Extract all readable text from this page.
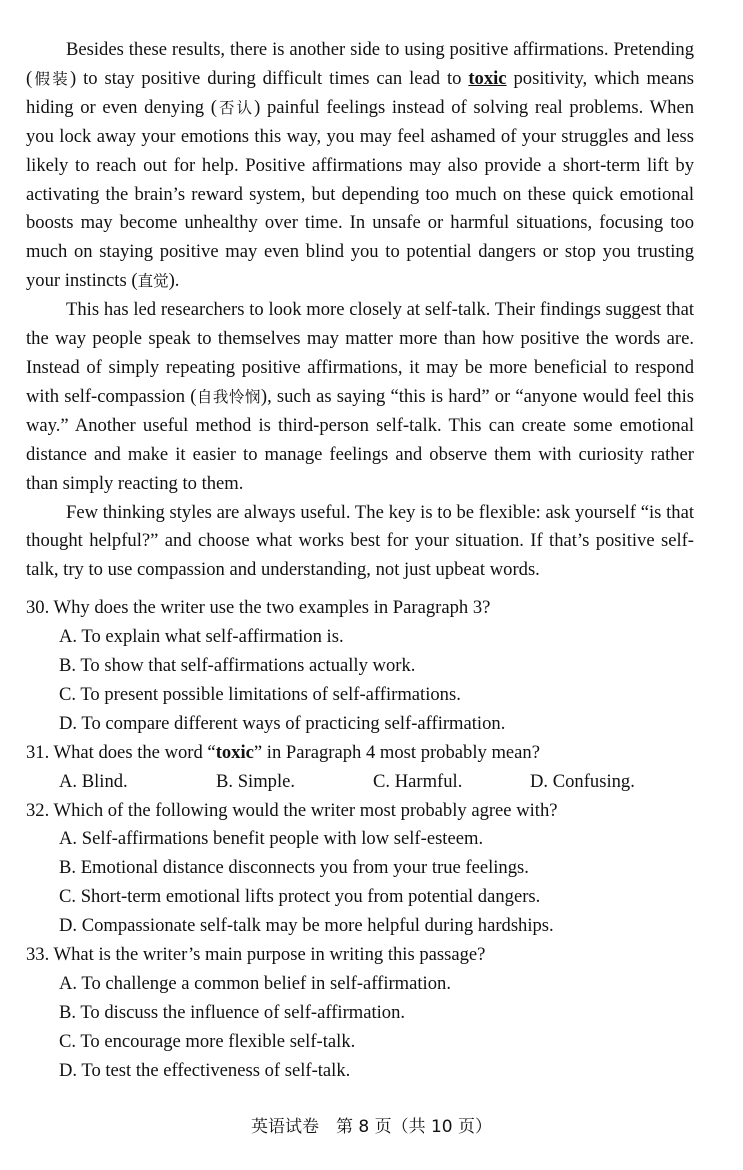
Besides these results, there is another side to using positive affirmations. Pretending (假装) to stay positive during difficult times can lead to toxic positivity, which means hiding or even denying (否认) painful feelings instead of solving real problems. When you lock away your emotions this way, you may feel ashamed of your struggles and less likely to reach out for help. Positive affirmations may also provide a short-term lift by activating the brain’s reward system, but depending too much on these quick emotional boosts may become unhealthy over time. In unsafe or harmful situations, focusing too much on staying positive may even blind you to potential dangers or stop you trusting your instincts (直觉).

This has led researchers to look more closely at self-talk. Their findings suggest that the way people speak to themselves may matter more than how positive the words are. Instead of simply repeating positive affirmations, it may be more beneficial to respond with self-compassion (自我怜悯), such as saying “this is hard” or “anyone would feel this way.” Another useful method is third-person self-talk. This can create some emotional distance and make it easier to manage feelings and observe them with curiosity rather than simply reacting to them.

Few thinking styles are always useful. The key is to be flexible: ask yourself “is that thought helpful?” and choose what works best for your situation. If that’s positive self-talk, try to use compassion and understanding, not just upbeat words.

30. Why does the writer use the two examples in Paragraph 3?
A. To explain what self-affirmation is.
B. To show that self-affirmations actually work.
C. To present possible limitations of self-affirmations.
D. To compare different ways of practicing self-affirmation.
31. What does the word “toxic” in Paragraph 4 most probably mean?
A. Blind.	B. Simple.	C. Harmful.	D. Confusing.
32. Which of the following would the writer most probably agree with?
A. Self-affirmations benefit people with low self-esteem.
B. Emotional distance disconnects you from your true feelings.
C. Short-term emotional lifts protect you from potential dangers.
D. Compassionate self-talk may be more helpful during hardships.
33. What is the writer’s main purpose in writing this passage?
A. To challenge a common belief in self-affirmation.
B. To discuss the influence of self-affirmation.
C. To encourage more flexible self-talk.
D. To test the effectiveness of self-talk.
英语试卷　第 8 页（共 10 页）
